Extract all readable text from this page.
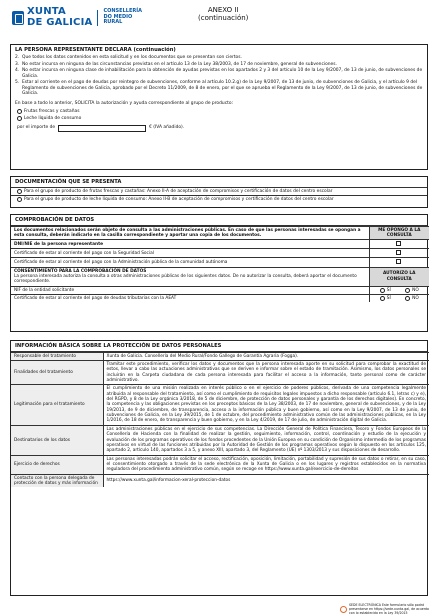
XUNTA
DE GALICIA
CONSELLERÍA
DO MEDIO
RURAL
ANEXO II
(continuación)
LA PERSONA REPRESENTANTE DECLARA (continuación)
2. Que todos los datos contenidos en esta solicitud y en los documentos que se presentan son ciertos.
3. No estar incursa en ninguna de las circunstancias previstas en el artículo 13 de la Ley 38/2003, de 17 de noviembre, general de subvenciones.
4. No estar incursa en ninguna clase de inhabilitación para la obtención de ayudas previstas en los apartados 2 y 3 del artículo 10 de la Ley 9/2007, de 13 de junio, de subvenciones de Galicia.
5. Estar al corriente en el pago de deudas por reintegro de subvenciones, conforme al artículo 10.2.g) de la Ley 9/2007, de 13 de junio, de subvenciones de Galicia, y el artículo 9 del Reglamento de subvenciones de Galicia, aprobado por el Decreto 11/2009, de 8 de enero, por el que se aprueba el Reglamento de la Ley 9/2007, de 13 de junio, de subvenciones de Galicia.
En base a todo lo anterior, SOLICITA la autorización y ayuda correspondiente al grupo de producto:
Frutas frescas y castañas
Leche líquida de consumo
por el importe de	€ (IVA añadido).
DOCUMENTACIÓN QUE SE PRESENTA
Para el grupo de producto de frutas frescas y castañas: Anexo II-A de aceptación de compromisos y certificación de datos del centro escolar
Para el grupo de producto de leche líquida de consumo: Anexo II-B de aceptación de compromisos y certificación de datos del centro escolar
COMPROBACIÓN DE DATOS
Los documentos relacionados serán objeto de consulta a las administraciones públicas. En caso de que las personas interesadas se opongan a esta consulta, deberán indicarlo en la casilla correspondiente y aportar una copia de los documentos.	ME OPONGO A LA CONSULTA
DNI/NIE de la persona representante	
Certificado de estar al corriente del pago con la Seguridad Social	
Certificado de estar al corriente del pago con la Administración pública de la comunidad autónoma	

CONSENTIMIENTO PARA LA COMPROBACIÓN DE DATOS
La persona interesada autoriza la consulta a otras administraciones públicas de los siguientes datos. De no autorizar la consulta, deberá aportar el documento correspondiente.	AUTORIZO LA CONSULTA
NIF de la entidad solicitante	SÍ NO

Certificado de estar al corriente del pago de deudas tributarias con la AEAT	SÍ NO
INFORMACIÓN BÁSICA SOBRE LA PROTECCIÓN DE DATOS PERSONALES
Responsable del tratamiento	Xunta de Galicia. Consellería del Medio Rural/Fondo Gallego de Garantía Agraria (Fogga).
Finalidades del tratamiento	Tramitar este procedimiento, verificar los datos y documentos que la persona interesada aporte en su solicitud para comprobar la exactitud de estos, llevar a cabo las actuaciones administrativas que se deriven e informar sobre el estado de tramitación. Asimismo, los datos personales se incluirán en la Carpeta ciudadana de cada persona interesada para facilitar el acceso a la información, tanto personal como de carácter administrativo.
Legitimación para el tratamiento	El cumplimiento de una misión realizada en interés público o en el ejercicio de poderes públicos, derivada de una competencia legalmente atribuida al responsable del tratamiento, así como el cumplimiento de requisitos legales impuestos a dicho responsable (artículo 6.1, letras c) y e), del RGPD, y 8 de la Ley orgánica 3/2018, de 5 de diciembre, de protección de datos personales y garantía de los derechos digitales). En concreto, la competencia y las obligaciones previstas en los preceptos básicos de la Ley 38/2003, de 17 de noviembre, general de subvenciones, y de la Ley 19/2013, de 9 de diciembre, de transparencia, acceso a la información pública y buen gobierno, así como en la Ley 9/2007, de 13 de junio, de subvenciones de Galicia, en la Ley 39/2015, de 1 de octubre, del procedimiento administrativo común de las administraciones públicas, en la Ley 1/2016, de 18 de enero, de transparencia y buen gobierno, y en la Ley 4/2019, de 17 de julio, de administración digital de Galicia.
Destinatarios de los datos	Las administraciones públicas en el ejercicio de sus competencias. La Dirección General de Política Financiera, Tesoro y Fondos Europeos de la Consellería de Hacienda con la finalidad de realizar la gestión, seguimiento, información, control, coordinación y estudio de la ejecución y evaluación de los programas operativos de los fondos procedentes de la Unión Europea en su condición de Organismo intermedio de los programas operativos en virtud de las funciones atribuidas por la Autoridad de Gestión de los programas operativos según lo dispuesto en los artículos 125, apartado 2, artículo 140, apartados 3 a 5, y anexo XIII, apartado 3, del Reglamento (UE) nº 1303/2013 y sus disposiciones de desarrollo.
Ejercicio de derechos	Las personas interesadas podrán solicitar el acceso, rectificación, oposición, limitación, portabilidad y supresión de sus datos o retirar, en su caso, el consentimiento otorgado a través de la sede electrónica de la Xunta de Galicia o en los lugares y registros establecidos en la normativa reguladora del procedimiento administrativo común, según se recoge en https://www.xunta.gal/exercicio-de-dereitos
Contacto con la persona delegada de protección de datos y más información	https://www.xunta.gal/informacion-xeral-proteccion-datos
SEDE ELECTRÓNICA Este formulario sólo podrá presentarse en https://sede.xunta.gal, de acuerdo con lo establecido en la Ley 39/2015
